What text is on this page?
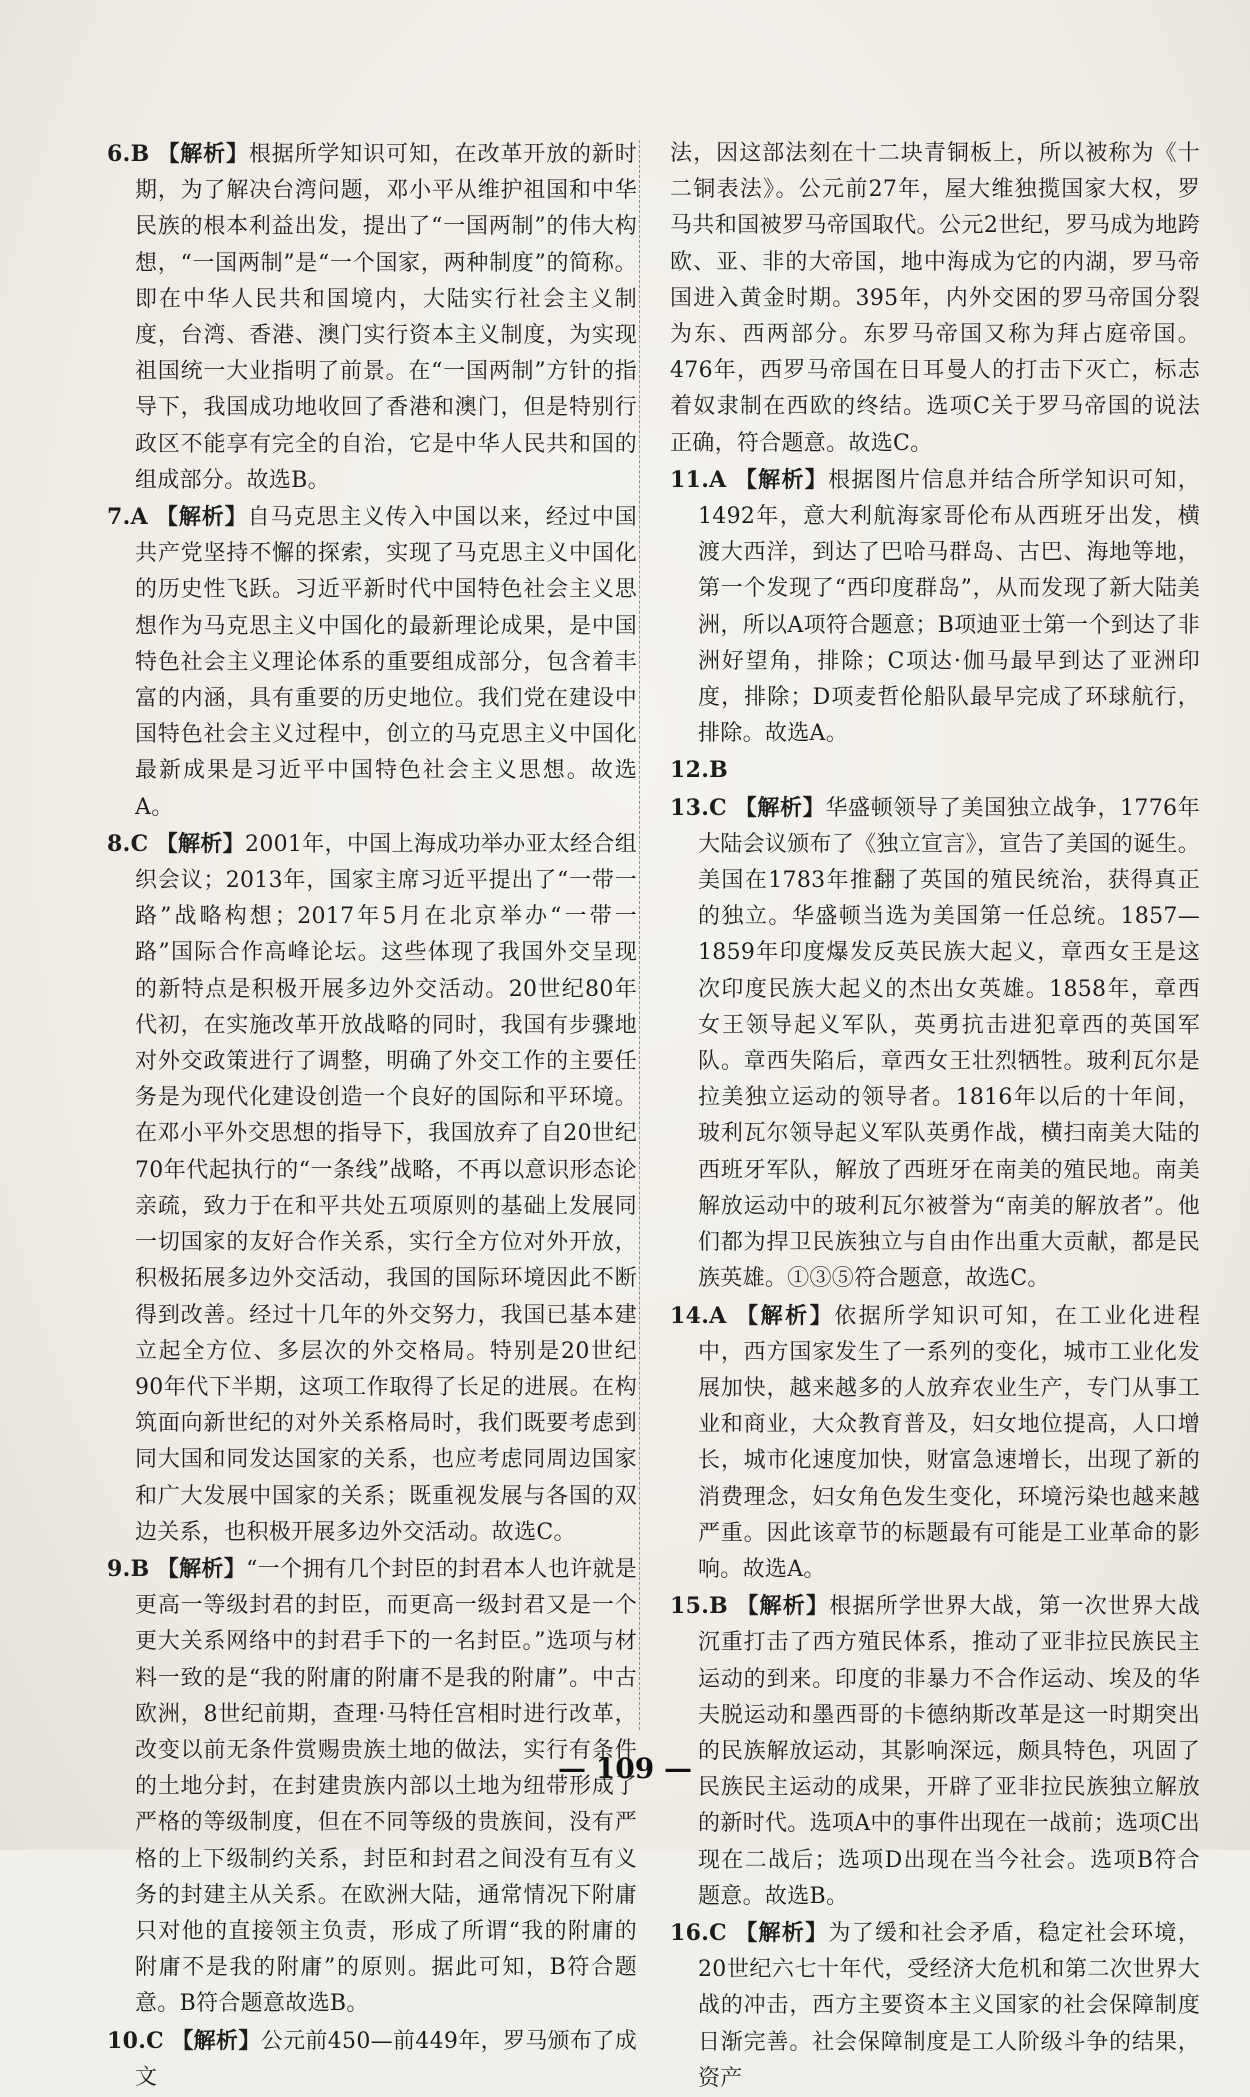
6.B 【解析】根据所学知识可知，在改革开放的新时期，为了解决台湾问题，邓小平从维护祖国和中华民族的根本利益出发，提出了“一国两制”的伟大构想，“一国两制”是“一个国家，两种制度”的简称。即在中华人民共和国境内，大陆实行社会主义制度，台湾、香港、澳门实行资本主义制度，为实现祖国统一大业指明了前景。在“一国两制”方针的指导下，我国成功地收回了香港和澳门，但是特别行政区不能享有完全的自治，它是中华人民共和国的组成部分。故选B。

7.A 【解析】自马克思主义传入中国以来，经过中国共产党坚持不懈的探索，实现了马克思主义中国化的历史性飞跃。习近平新时代中国特色社会主义思想作为马克思主义中国化的最新理论成果，是中国特色社会主义理论体系的重要组成部分，包含着丰富的内涵，具有重要的历史地位。我们党在建设中国特色社会主义过程中，创立的马克思主义中国化最新成果是习近平中国特色社会主义思想。故选A。

8.C 【解析】2001年，中国上海成功举办亚太经合组织会议；2013年，国家主席习近平提出了“一带一路”战略构想；2017年5月在北京举办“一带一路”国际合作高峰论坛。这些体现了我国外交呈现的新特点是积极开展多边外交活动。20世纪80年代初，在实施改革开放战略的同时，我国有步骤地对外交政策进行了调整，明确了外交工作的主要任务是为现代化建设创造一个良好的国际和平环境。在邓小平外交思想的指导下，我国放弃了自20世纪70年代起执行的“一条线”战略，不再以意识形态论亲疏，致力于在和平共处五项原则的基础上发展同一切国家的友好合作关系，实行全方位对外开放，积极拓展多边外交活动，我国的国际环境因此不断得到改善。经过十几年的外交努力，我国已基本建立起全方位、多层次的外交格局。特别是20世纪90年代下半期，这项工作取得了长足的进展。在构筑面向新世纪的对外关系格局时，我们既要考虑到同大国和同发达国家的关系，也应考虑同周边国家和广大发展中国家的关系；既重视发展与各国的双边关系，也积极开展多边外交活动。故选C。

9.B 【解析】“一个拥有几个封臣的封君本人也许就是更高一等级封君的封臣，而更高一级封君又是一个更大关系网络中的封君手下的一名封臣。”选项与材料一致的是“我的附庸的附庸不是我的附庸”。中古欧洲，8世纪前期，查理·马特任宫相时进行改革，改变以前无条件赏赐贵族土地的做法，实行有条件的土地分封，在封建贵族内部以土地为纽带形成了严格的等级制度，但在不同等级的贵族间，没有严格的上下级制约关系，封臣和封君之间没有互有义务的封建主从关系。在欧洲大陆，通常情况下附庸只对他的直接领主负责，形成了所谓“我的附庸的附庸不是我的附庸”的原则。据此可知，B符合题意。B符合题意故选B。

10.C 【解析】公元前450—前449年，罗马颁布了成文

法，因这部法刻在十二块青铜板上，所以被称为《十二铜表法》。公元前27年，屋大维独揽国家大权，罗马共和国被罗马帝国取代。公元2世纪，罗马成为地跨欧、亚、非的大帝国，地中海成为它的内湖，罗马帝国进入黄金时期。395年，内外交困的罗马帝国分裂为东、西两部分。东罗马帝国又称为拜占庭帝国。476年，西罗马帝国在日耳曼人的打击下灭亡，标志着奴隶制在西欧的终结。选项C关于罗马帝国的说法正确，符合题意。故选C。

11.A 【解析】根据图片信息并结合所学知识可知，1492年，意大利航海家哥伦布从西班牙出发，横渡大西洋，到达了巴哈马群岛、古巴、海地等地，第一个发现了“西印度群岛”，从而发现了新大陆美洲，所以A项符合题意；B项迪亚士第一个到达了非洲好望角，排除；C项达·伽马最早到达了亚洲印度，排除；D项麦哲伦船队最早完成了环球航行，排除。故选A。

12.B

13.C 【解析】华盛顿领导了美国独立战争，1776年大陆会议颁布了《独立宣言》，宣告了美国的诞生。美国在1783年推翻了英国的殖民统治，获得真正的独立。华盛顿当选为美国第一任总统。1857—1859年印度爆发反英民族大起义，章西女王是这次印度民族大起义的杰出女英雄。1858年，章西女王领导起义军队，英勇抗击进犯章西的英国军队。章西失陷后，章西女王壮烈牺牲。玻利瓦尔是拉美独立运动的领导者。1816年以后的十年间，玻利瓦尔领导起义军队英勇作战，横扫南美大陆的西班牙军队，解放了西班牙在南美的殖民地。南美解放运动中的玻利瓦尔被誉为“南美的解放者”。他们都为捍卫民族独立与自由作出重大贡献，都是民族英雄。①③⑤符合题意，故选C。

14.A 【解析】依据所学知识可知，在工业化进程中，西方国家发生了一系列的变化，城市工业化发展加快，越来越多的人放弃农业生产，专门从事工业和商业，大众教育普及，妇女地位提高，人口增长，城市化速度加快，财富急速增长，出现了新的消费理念，妇女角色发生变化，环境污染也越来越严重。因此该章节的标题最有可能是工业革命的影响。故选A。

15.B 【解析】根据所学世界大战，第一次世界大战沉重打击了西方殖民体系，推动了亚非拉民族民主运动的到来。印度的非暴力不合作运动、埃及的华夫脱运动和墨西哥的卡德纳斯改革是这一时期突出的民族解放运动，其影响深远，颇具特色，巩固了民族民主运动的成果，开辟了亚非拉民族独立解放的新时代。选项A中的事件出现在一战前；选项C出现在二战后；选项D出现在当今社会。选项B符合题意。故选B。

16.C 【解析】为了缓和社会矛盾，稳定社会环境，20世纪六七十年代，受经济大危机和第二次世界大战的冲击，西方主要资本主义国家的社会保障制度日渐完善。社会保障制度是工人阶级斗争的结果，资产

— 109 —
